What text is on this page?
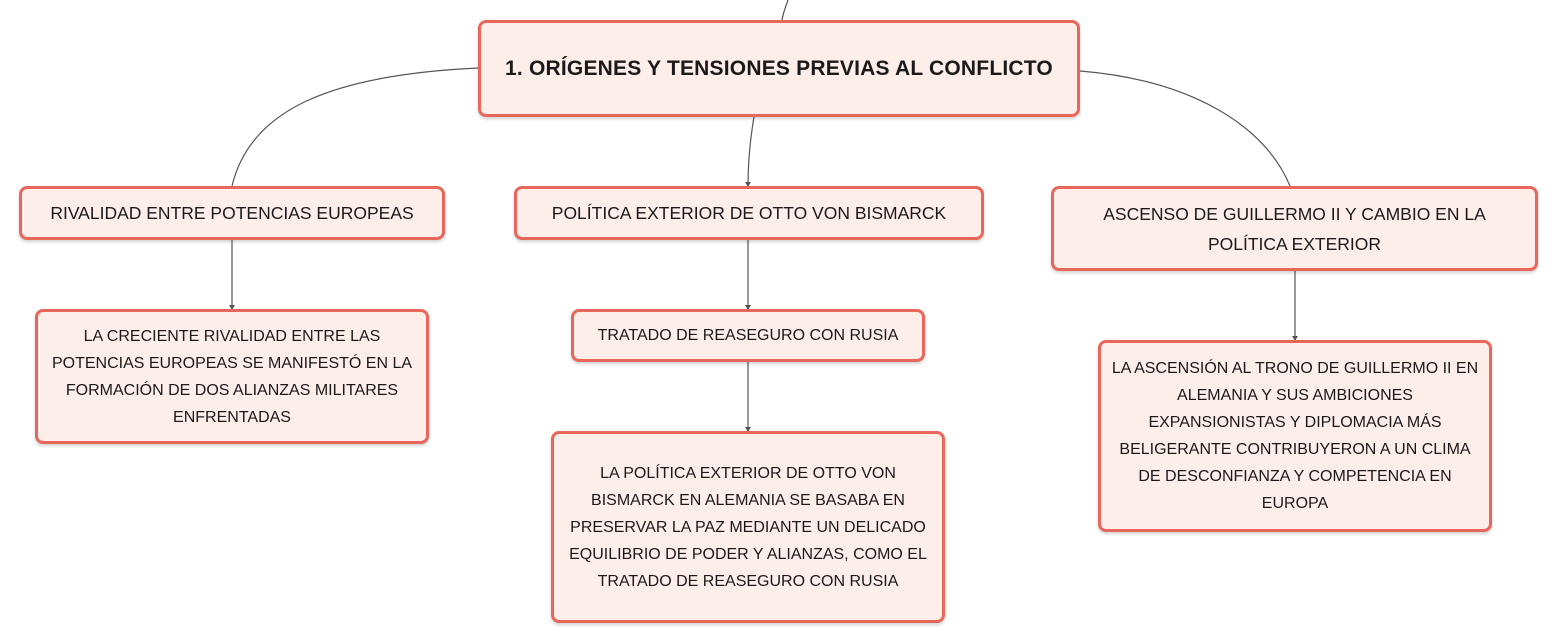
1. ORÍGENES Y TENSIONES PREVIAS AL CONFLICTO
RIVALIDAD ENTRE POTENCIAS EUROPEAS	POLÍTICA EXTERIOR DE OTTO VON BISMARCK	ASCENSO DE GUILLERMO II Y CAMBIO EN LA POLÍTICA EXTERIOR
LA CRECIENTE RIVALIDAD ENTRE LAS POTENCIAS EUROPEAS SE MANIFESTÓ EN LA FORMACIÓN DE DOS ALIANZAS MILITARES ENFRENTADAS
TRATADO DE REASEGURO CON RUSIA
LA POLÍTICA EXTERIOR DE OTTO VON BISMARCK EN ALEMANIA SE BASABA EN PRESERVAR LA PAZ MEDIANTE UN DELICADO EQUILIBRIO DE PODER Y ALIANZAS, COMO EL TRATADO DE REASEGURO CON RUSIA
LA ASCENSIÓN AL TRONO DE GUILLERMO II EN ALEMANIA Y SUS AMBICIONES EXPANSIONISTAS Y DIPLOMACIA MÁS BELIGERANTE CONTRIBUYERON A UN CLIMA DE DESCONFIANZA Y COMPETENCIA EN EUROPA
